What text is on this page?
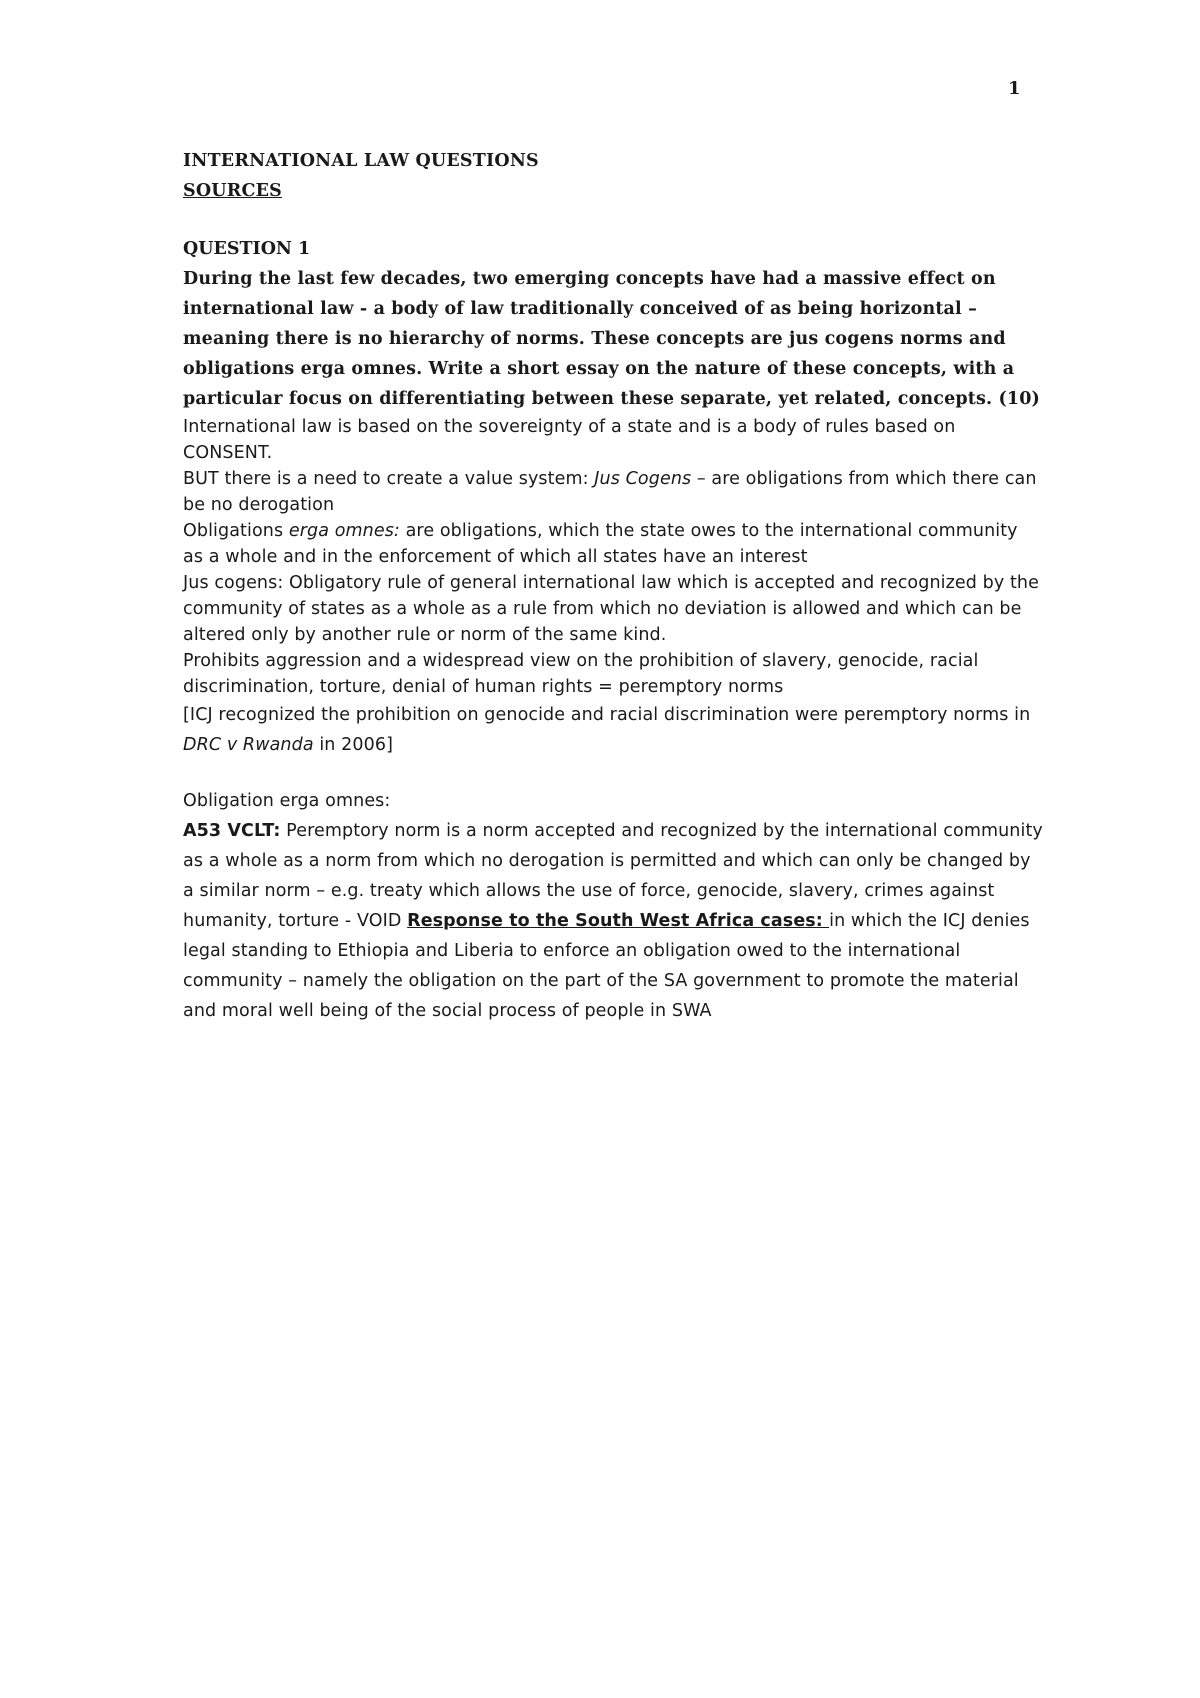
1
INTERNATIONAL LAW QUESTIONS
SOURCES
QUESTION 1
During the last few decades, two emerging concepts have had a massive effect on international law - a body of law traditionally conceived of as being horizontal – meaning there is no hierarchy of norms. These concepts are jus cogens norms and obligations erga omnes. Write a short essay on the nature of these concepts, with a particular focus on differentiating between these separate, yet related, concepts. (10)

International law is based on the sovereignty of a state and is a body of rules based on CONSENT.

BUT there is a need to create a value system: Jus Cogens – are obligations from which there can be no derogation

Obligations erga omnes: are obligations, which the state owes to the international community as a whole and in the enforcement of which all states have an interest

Jus cogens: Obligatory rule of general international law which is accepted and recognized by the community of states as a whole as a rule from which no deviation is allowed and which can be altered only by another rule or norm of the same kind.

Prohibits aggression and a widespread view on the prohibition of slavery, genocide, racial discrimination, torture, denial of human rights = peremptory norms

[ICJ recognized the prohibition on genocide and racial discrimination were peremptory norms in DRC v Rwanda in 2006]

Obligation erga omnes:

A53 VCLT: Peremptory norm is a norm accepted and recognized by the international community as a whole as a norm from which no derogation is permitted and which can only be changed by a similar norm – e.g. treaty which allows the use of force, genocide, slavery, crimes against humanity, torture - VOID Response to the South West Africa cases: in which the ICJ denies legal standing to Ethiopia and Liberia to enforce an obligation owed to the international community – namely the obligation on the part of the SA government to promote the material and moral well being of the social process of people in SWA
